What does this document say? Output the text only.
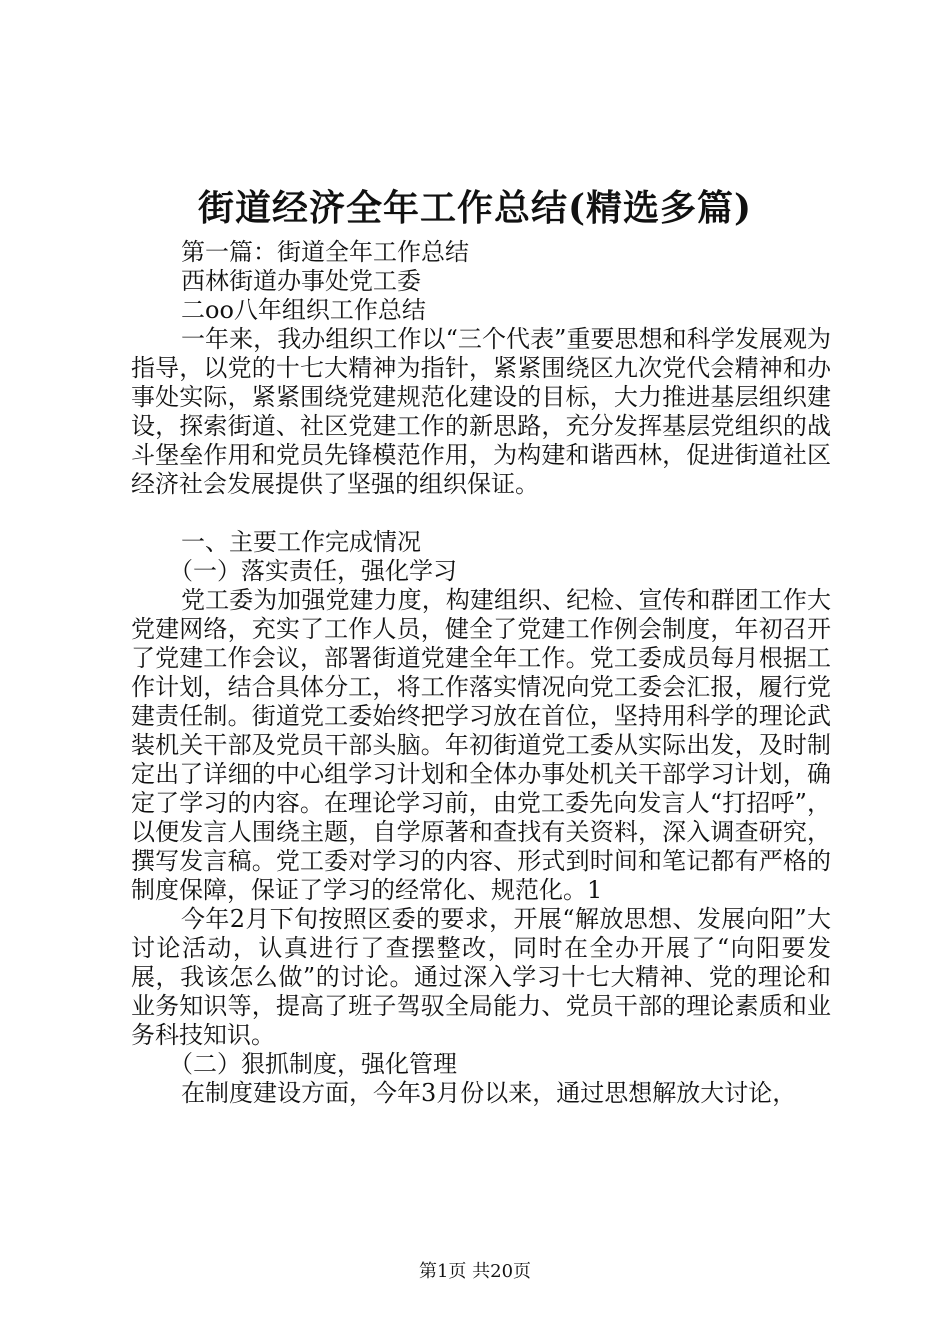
街道经济全年工作总结(精选多篇)
第一篇：街道全年工作总结
西林街道办事处党工委
二oo八年组织工作总结

一年来，我办组织工作以“三个代表”重要思想和科学发展观为指导，以党的十七大精神为指针，紧紧围绕区九次党代会精神和办事处实际，紧紧围绕党建规范化建设的目标，大力推进基层组织建设，探索街道、社区党建工作的新思路，充分发挥基层党组织的战斗堡垒作用和党员先锋模范作用，为构建和谐西林，促进街道社区经济社会发展提供了坚强的组织保证。

一、主要工作完成情况
（一）落实责任，强化学习

党工委为加强党建力度，构建组织、纪检、宣传和群团工作大党建网络，充实了工作人员，健全了党建工作例会制度，年初召开了党建工作会议，部署街道党建全年工作。党工委成员每月根据工作计划，结合具体分工，将工作落实情况向党工委会汇报，履行党建责任制。街道党工委始终把学习放在首位，坚持用科学的理论武装机关干部及党员干部头脑。年初街道党工委从实际出发，及时制定出了详细的中心组学习计划和全体办事处机关干部学习计划，确定了学习的内容。在理论学习前，由党工委先向发言人“打招呼”，以便发言人围绕主题，自学原著和查找有关资料，深入调查研究，撰写发言稿。党工委对学习的内容、形式到时间和笔记都有严格的制度保障，保证了学习的经常化、规范化。1

今年2月下旬按照区委的要求，开展“解放思想、发展向阳”大讨论活动，认真进行了查摆整改，同时在全办开展了“向阳要发展，我该怎么做”的讨论。通过深入学习十七大精神、党的理论和业务知识等，提高了班子驾驭全局能力、党员干部的理论素质和业务科技知识。

（二）狠抓制度，强化管理

在制度建设方面，今年3月份以来，通过思想解放大讨论，

第1页 共20页
